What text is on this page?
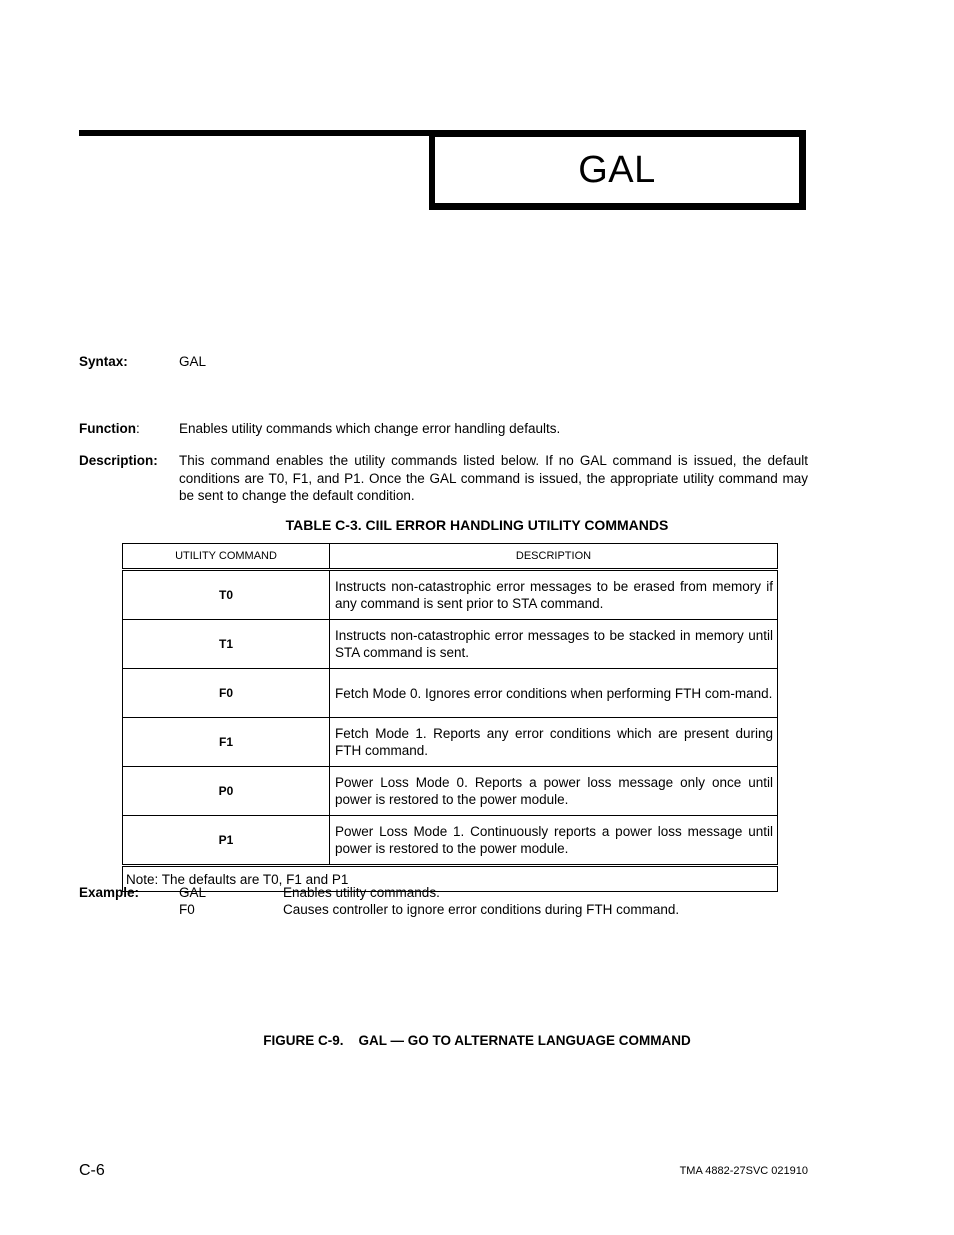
GAL
Syntax:	GAL
Function:	Enables utility commands which change error handling defaults.
Description: This command enables the utility commands listed below. If no GAL command is issued, the default conditions are T0, F1, and P1. Once the GAL command is issued, the appropriate utility command may be sent to change the default condition.
TABLE C-3. CIIL ERROR HANDLING UTILITY COMMANDS
UTILITY COMMAND	DESCRIPTION
T0	Instructs non-catastrophic error messages to be erased from memory if any command is sent prior to STA command.
T1	Instructs non-catastrophic error messages to be stacked in memory until STA command is sent.
F0	Fetch Mode 0. Ignores error conditions when performing FTH com-mand.
F1	Fetch Mode 1. Reports any error conditions which are present during FTH command.
P0	Power Loss Mode 0. Reports a power loss message only once until power is restored to the power module.
P1	Power Loss Mode 1. Continuously reports a power loss message until power is restored to the power module.
Note: The defaults are T0, F1 and P1	
Example:	GAL	Enables utility commands.
F0	Causes controller to ignore error conditions during FTH command.
FIGURE C-9.    GAL — GO TO ALTERNATE LANGUAGE COMMAND
C-6	TMA 4882-27SVC 021910
